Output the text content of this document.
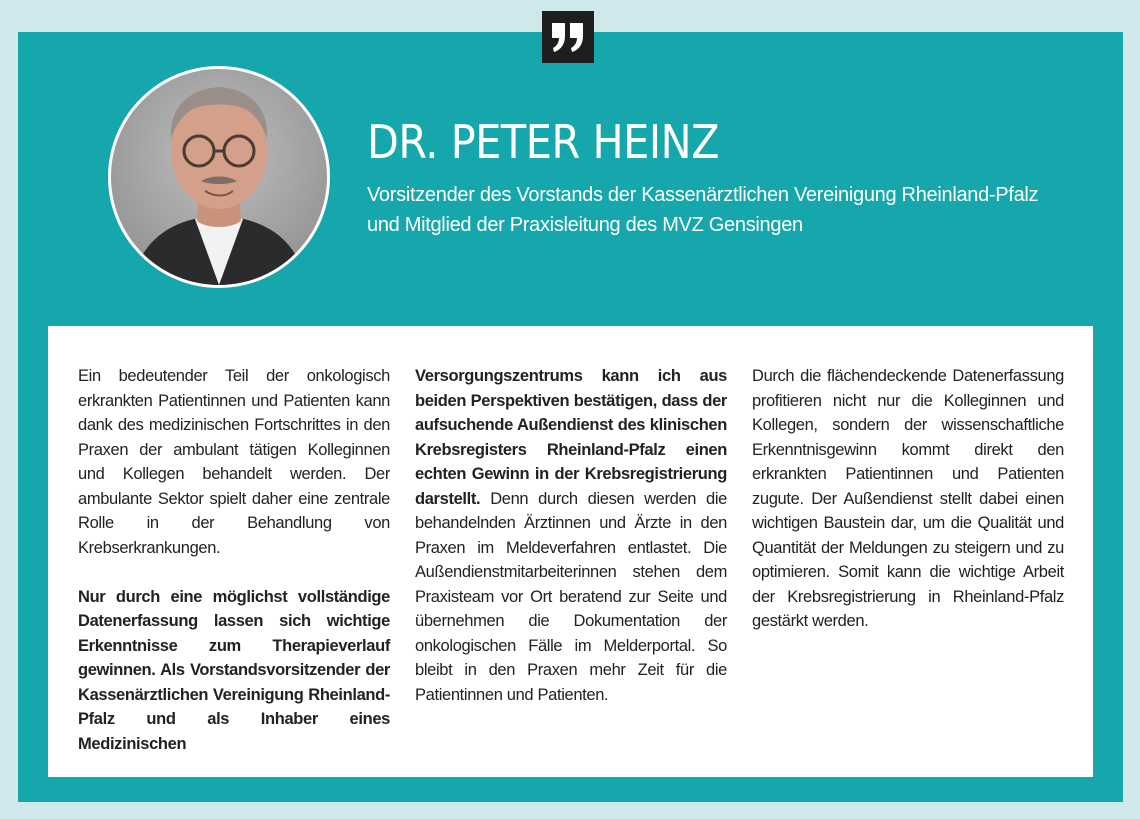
DR. PETER HEINZ
Vorsitzender des Vorstands der Kassenärztlichen Vereinigung Rheinland-Pfalz
und Mitglied der Praxisleitung des MVZ Gensingen

Ein bedeutender Teil der onkologisch erkrankten Patientinnen und Patienten kann dank des medizinischen Fortschrittes in den Praxen der ambulant tätigen Kolleginnen und Kollegen behandelt werden. Der ambulante Sektor spielt daher eine zentrale Rolle in der Behandlung von Krebserkrankungen.

Nur durch eine möglichst vollständige Datenerfassung lassen sich wichtige Erkenntnisse zum Therapieverlauf gewinnen. Als Vorstandsvorsitzender der Kassenärztlichen Vereinigung Rheinland-Pfalz und als Inhaber eines Medizinischen

Versorgungszentrums kann ich aus beiden Perspektiven bestätigen, dass der aufsuchende Außendienst des klinischen Krebsregisters Rheinland-Pfalz einen echten Gewinn in der Krebsregistrierung darstellt. Denn durch diesen werden die behandelnden Ärztinnen und Ärzte in den Praxen im Meldeverfahren entlastet. Die Außendienstmitarbeiterinnen stehen dem Praxisteam vor Ort beratend zur Seite und übernehmen die Dokumentation der onkologischen Fälle im Melderportal. So bleibt in den Praxen mehr Zeit für die Patientinnen und Patienten.

Durch die flächendeckende Datenerfassung profitieren nicht nur die Kolleginnen und Kollegen, sondern der wissenschaftliche Erkenntnisgewinn kommt direkt den erkrankten Patientinnen und Patienten zugute. Der Außendienst stellt dabei einen wichtigen Baustein dar, um die Qualität und Quantität der Meldungen zu steigern und zu optimieren. Somit kann die wichtige Arbeit der Krebsregistrierung in Rheinland-Pfalz gestärkt werden.
